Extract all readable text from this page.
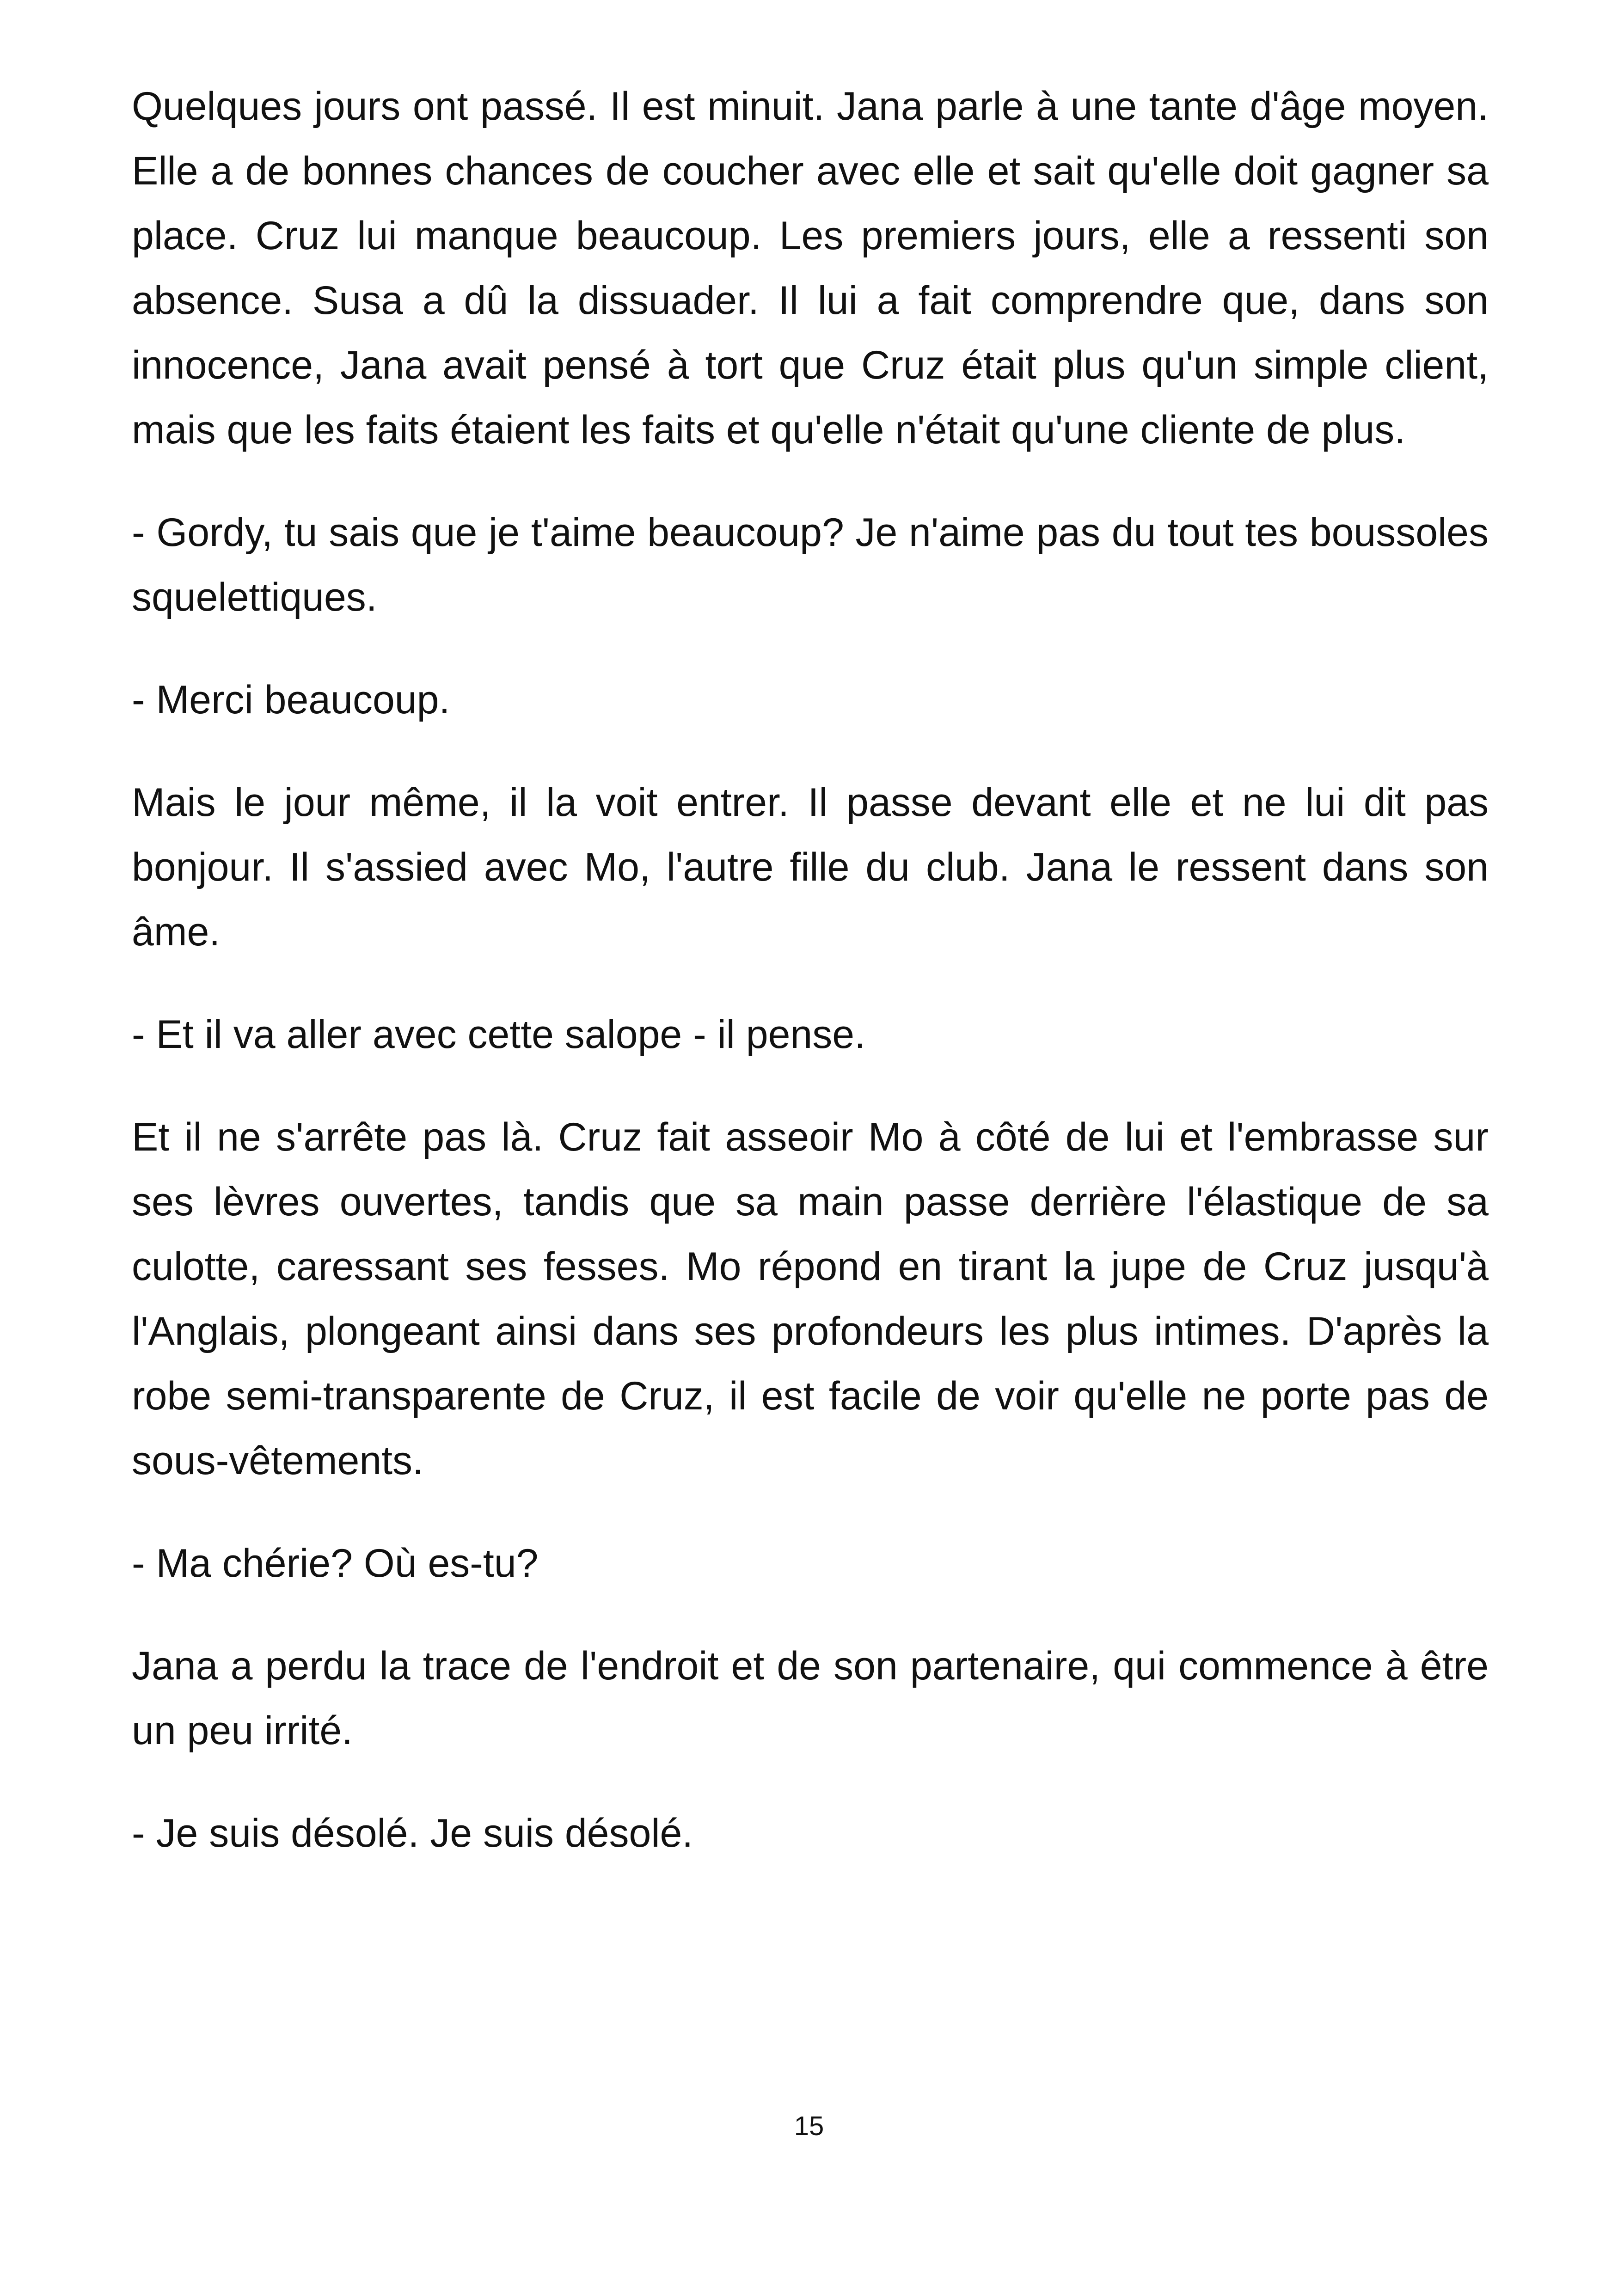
Quelques jours ont passé. Il est minuit. Jana parle à une tante d'âge moyen. Elle a de bonnes chances de coucher avec elle et sait qu'elle doit gagner sa place. Cruz lui manque beaucoup. Les premiers jours, elle a ressenti son absence. Susa a dû la dissuader. Il lui a fait comprendre que, dans son innocence, Jana avait pensé à tort que Cruz était plus qu'un simple client, mais que les faits étaient les faits et qu'elle n'était qu'une cliente de plus.

- Gordy, tu sais que je t'aime beaucoup? Je n'aime pas du tout tes boussoles squelettiques.

- Merci beaucoup.

Mais le jour même, il la voit entrer. Il passe devant elle et ne lui dit pas bonjour. Il s'assied avec Mo, l'autre fille du club. Jana le ressent dans son âme.

- Et il va aller avec cette salope - il pense.

Et il ne s'arrête pas là. Cruz fait asseoir Mo à côté de lui et l'embrasse sur ses lèvres ouvertes, tandis que sa main passe derrière l'élastique de sa culotte, caressant ses fesses. Mo répond en tirant la jupe de Cruz jusqu'à l'Anglais, plongeant ainsi dans ses profondeurs les plus intimes. D'après la robe semi-transparente de Cruz, il est facile de voir qu'elle ne porte pas de sous-vêtements.

- Ma chérie? Où es-tu?

Jana a perdu la trace de l'endroit et de son partenaire, qui commence à être un peu irrité.

- Je suis désolé. Je suis désolé.

15
